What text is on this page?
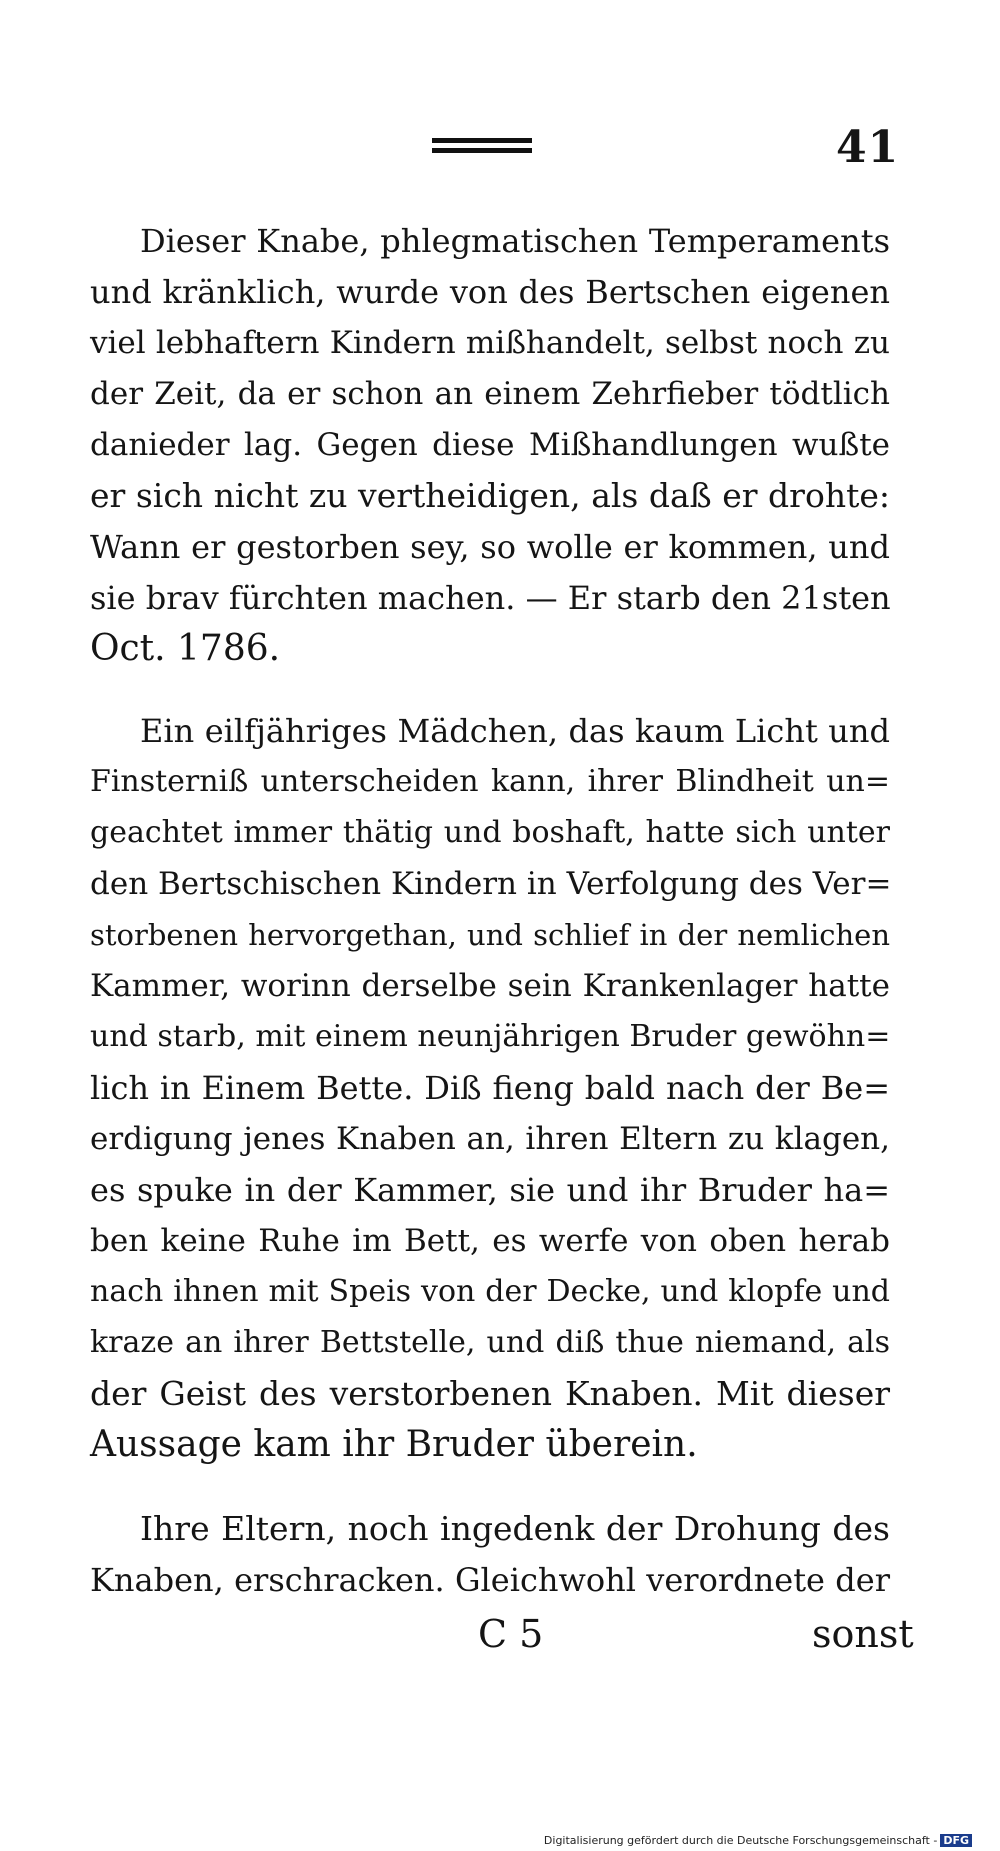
41
Dieser Knabe, phlegmatischen Temperaments
und kränklich, wurde von des Bertschen eigenen
viel lebhaftern Kindern mißhandelt, selbst noch zu
der Zeit, da er schon an einem Zehrfieber tödtlich
danieder lag. Gegen diese Mißhandlungen wußte
er sich nicht zu vertheidigen, als daß er drohte:
Wann er gestorben sey, so wolle er kommen, und
sie brav fürchten machen. — Er starb den 21sten
Oct. 1786.
Ein eilfjähriges Mädchen, das kaum Licht und
Finsterniß unterscheiden kann, ihrer Blindheit un=
geachtet immer thätig und boshaft, hatte sich unter
den Bertschischen Kindern in Verfolgung des Ver=
storbenen hervorgethan, und schlief in der nemlichen
Kammer, worinn derselbe sein Krankenlager hatte
und starb, mit einem neunjährigen Bruder gewöhn=
lich in Einem Bette. Diß fieng bald nach der Be=
erdigung jenes Knaben an, ihren Eltern zu klagen,
es spuke in der Kammer, sie und ihr Bruder ha=
ben keine Ruhe im Bett, es werfe von oben herab
nach ihnen mit Speis von der Decke, und klopfe und
kraze an ihrer Bettstelle, und diß thue niemand, als
der Geist des verstorbenen Knaben. Mit dieser
Aussage kam ihr Bruder überein.
Ihre Eltern, noch ingedenk der Drohung des
Knaben, erschracken. Gleichwohl verordnete der
C 5	sonst
Digitalisierung gefördert durch die Deutsche Forschungsgemeinschaft - DFG
